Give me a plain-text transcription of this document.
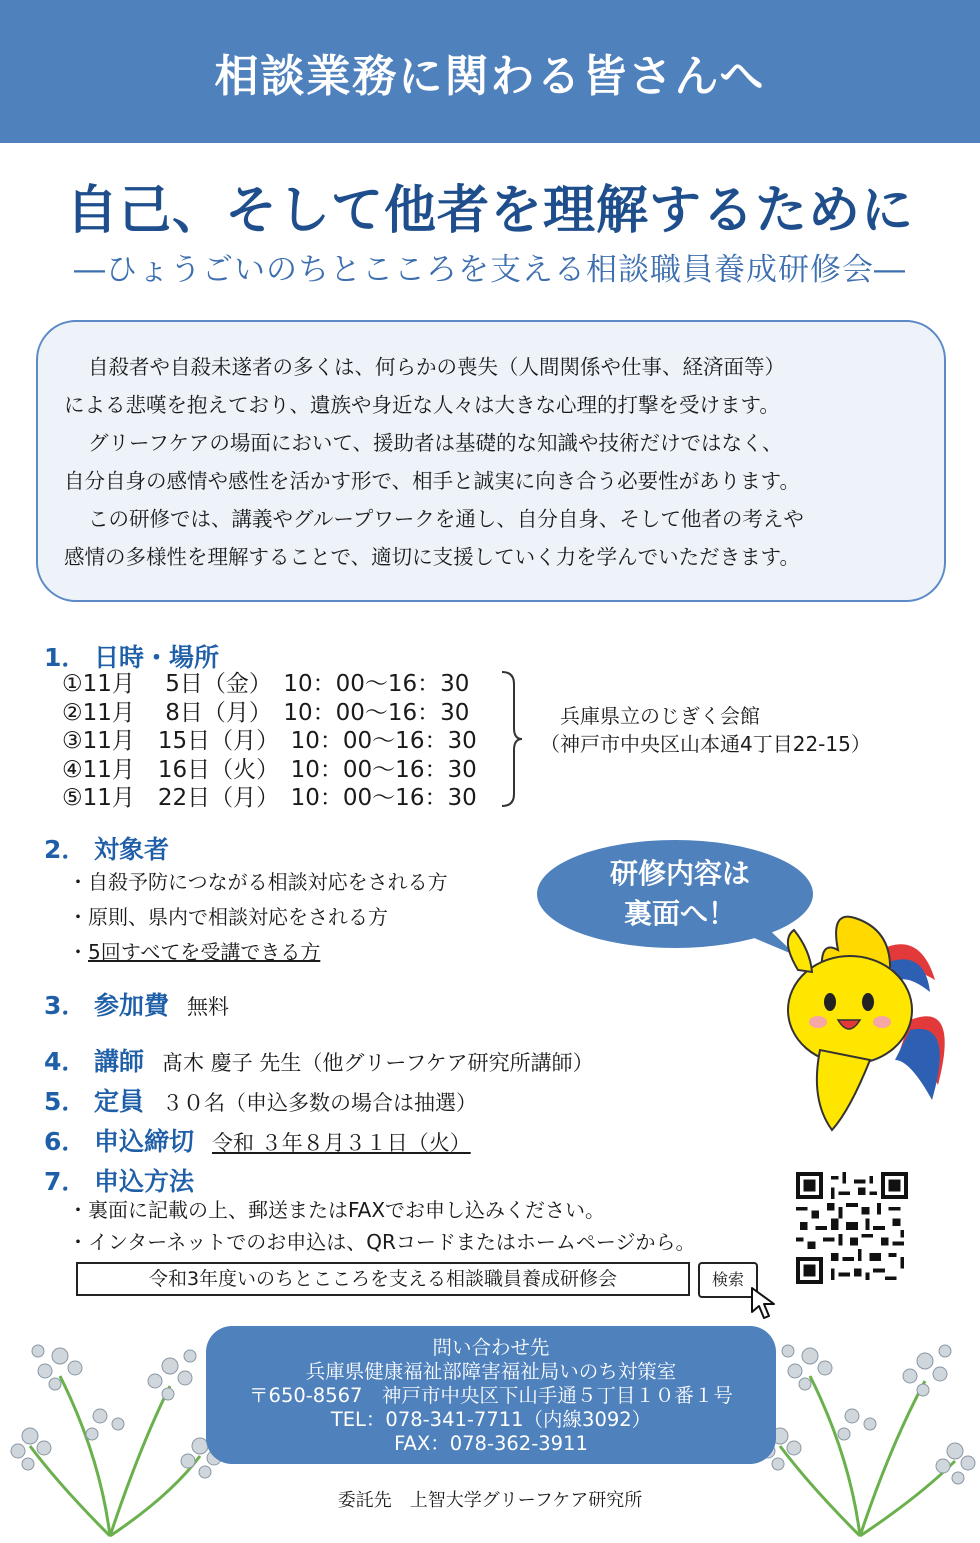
相談業務に関わる皆さんへ
自己、そして他者を理解するために
―ひょうごいのちとこころを支える相談職員養成研修会―

自殺者や自殺未遂者の多くは、何らかの喪失（人間関係や仕事、経済面等）

による悲嘆を抱えており、遺族や身近な人々は大きな心理的打撃を受けます。

グリーフケアの場面において、援助者は基礎的な知識や技術だけではなく、

自分自身の感情や感性を活かす形で、相手と誠実に向き合う必要性があります。

この研修では、講義やグループワークを通し、自分自身、そして他者の考えや

感情の多様性を理解することで、適切に支援していく力を学んでいただきます。

1． 日時・場所
①11月　 5日（金）　10：00～16：30
②11月　 8日（月）　10：00～16：30
③11月　15日（月）　10：00～16：30
④11月　16日（火）　10：00～16：30
⑤11月　22日（月）　10：00～16：30
兵庫県立のじぎく会館
（神戸市中央区山本通4丁目22-15）
2． 対象者
・自殺予防につながる相談対応をされる方
・原則、県内で相談対応をされる方
・5回すべてを受講できる方
3． 参加費 無料
4． 講師 髙木 慶子 先生（他グリーフケア研究所講師）
5． 定員 ３０名（申込多数の場合は抽選）
6． 申込締切 令和 ３年８月３１日（火）
7． 申込方法
・裏面に記載の上、郵送またはFAXでお申し込みください。
・インターネットでのお申込は、QRコードまたはホームページから。
令和3年度いのちとこころを支える相談職員養成研修会	検索
研修内容は
裏面へ！
問い合わせ先
兵庫県健康福祉部障害福祉局いのち対策室
〒650-8567　神戸市中央区下山手通５丁目１０番１号
TEL：078-341-7711（内線3092）
FAX：078-362-3911
委託先　上智大学グリーフケア研究所
